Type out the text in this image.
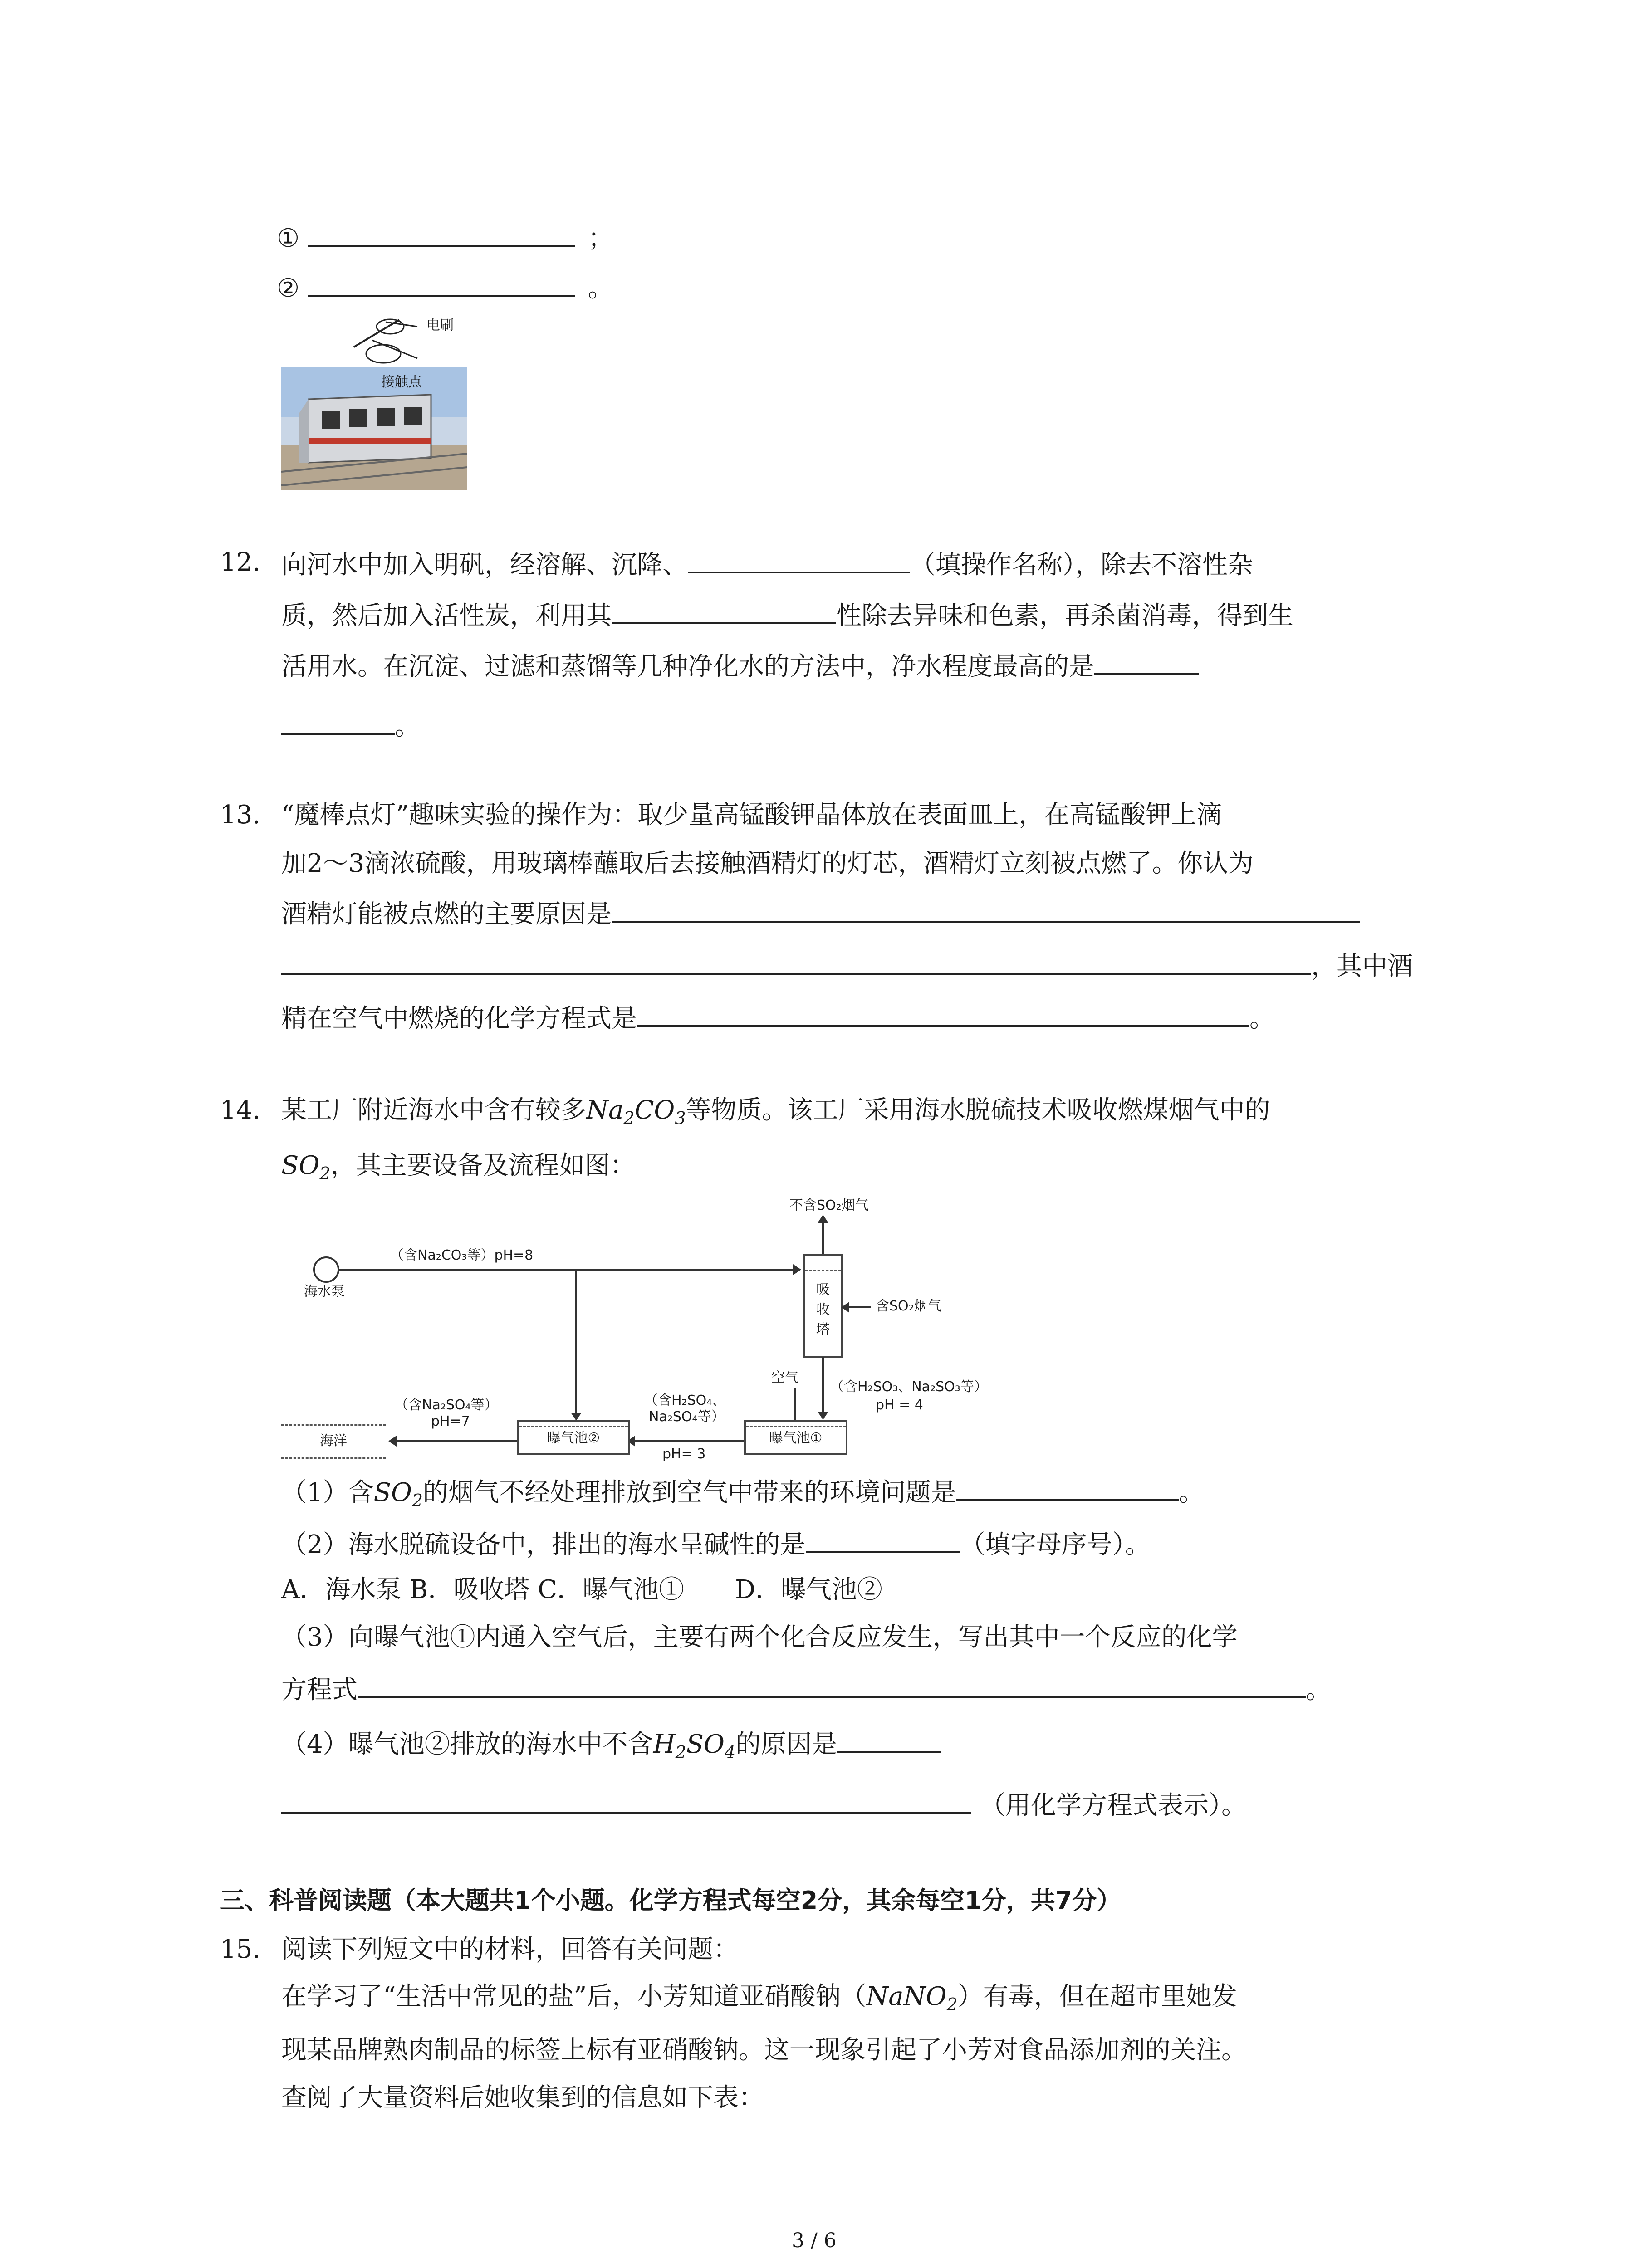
①	；
②	。
电刷
接触点
12. 向河水中加入明矾，经溶解、沉降、	（填操作名称），除去不溶性杂
质，然后加入活性炭，利用其	性除去异味和色素，再杀菌消毒，得到生
活用水。在沉淀、过滤和蒸馏等几种净化水的方法中，净水程度最高的是
。
13. “魔棒点灯”趣味实验的操作为：取少量高锰酸钾晶体放在表面皿上，在高锰酸钾上滴
加2～3滴浓硫酸，用玻璃棒蘸取后去接触酒精灯的灯芯，酒精灯立刻被点燃了。你认为
酒精灯能被点燃的主要原因是
，其中酒
精在空气中燃烧的化学方程式是	。
14. 某工厂附近海水中含有较多$Na_2CO_3$等物质。该工厂采用海水脱硫技术吸收燃煤烟气中的
$SO_2$，其主要设备及流程如图：
不含SO₂烟气
海水泵
（含Na₂CO₃等）pH=8
吸
收
塔
含SO₂烟气
（含H₂SO₃、Na₂SO₃等）
pH = 4
空气
曝气池①
（含H₂SO₄、
Na₂SO₄等）
pH= 3
曝气池②
（含Na₂SO₄等）
pH=7
海洋
（1）含$SO_2$的烟气不经处理排放到空气中带来的环境问题是	。
（2）海水脱硫设备中，排出的海水呈碱性的是	（填字母序号）。
A．海水泵 B．吸收塔 C．曝气池①　　D．曝气池②
（3）向曝气池①内通入空气后，主要有两个化合反应发生，写出其中一个反应的化学
方程式	。
（4）曝气池②排放的海水中不含$H_2SO_4$的原因是
（用化学方程式表示）。
三、科普阅读题（本大题共1个小题。化学方程式每空2分，其余每空1分，共7分）
15. 阅读下列短文中的材料，回答有关问题：
在学习了“生活中常见的盐”后，小芳知道亚硝酸钠（NaNO$_2$）有毒，但在超市里她发
现某品牌熟肉制品的标签上标有亚硝酸钠。这一现象引起了小芳对食品添加剂的关注。
查阅了大量资料后她收集到的信息如下表：
3 / 6
